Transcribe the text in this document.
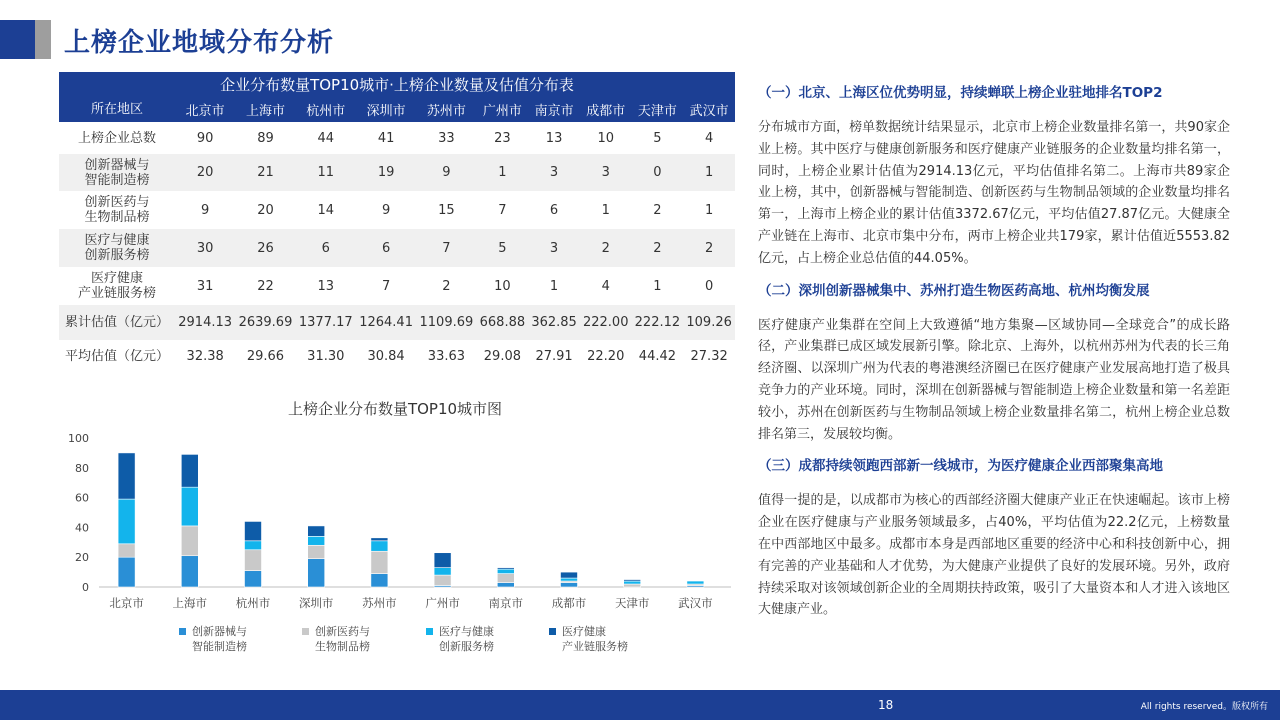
上榜企业地域分布分析
企业分布数量TOP10城市·上榜企业数量及估值分布表										
所在地区	北京市	上海市	杭州市	深圳市	苏州市	广州市	南京市	成都市	天津市	武汉市

上榜企业总数	90	89	44	41	33	23	13	10	5	4

创新器械与
智能制造榜	20	21	11	19	9	1	3	3	0	1

创新医药与
生物制品榜	9	20	14	9	15	7	6	1	2	1

医疗与健康
创新服务榜	30	26	6	6	7	5	3	2	2	2

医疗健康
产业链服务榜	31	22	13	7	2	10	1	4	1	0

累计估值（亿元）	2914.13	2639.69	1377.17	1264.41	1109.69	668.88	362.85	222.00	222.12	109.26

平均估值（亿元）	32.38	29.66	31.30	30.84	33.63	29.08	27.91	22.20	44.42	27.32
上榜企业分布数量TOP10城市图
0
20
40
60
80
100
北京市 上海市 杭州市 深圳市 苏州市 广州市 南京市 成都市 天津市 武汉市
创新器械与
智能制造榜
创新医药与
生物制品榜
医疗与健康
创新服务榜
医疗健康
产业链服务榜
（一）北京、上海区位优势明显，持续蝉联上榜企业驻地排名TOP2
分布城市方面，榜单数据统计结果显示，北京市上榜企业数量排名第一，共90家企业上榜。其中医疗与健康创新服务和医疗健康产业链服务的企业数量均排名第一，同时，上榜企业累计估值为2914.13亿元，平均估值排名第二。上海市共89家企业上榜，其中，创新器械与智能制造、创新医药与生物制品领域的企业数量均排名第一，上海市上榜企业的累计估值3372.67亿元，平均估值27.87亿元。大健康全产业链在上海市、北京市集中分布，两市上榜企业共179家，累计估值近5553.82亿元，占上榜企业总估值的44.05%。
（二）深圳创新器械集中、苏州打造生物医药高地、杭州均衡发展
医疗健康产业集群在空间上大致遵循“地方集聚—区域协同—全球竞合”的成长路径，产业集群已成区域发展新引擎。除北京、上海外，以杭州苏州为代表的长三角经济圈、以深圳广州为代表的粤港澳经济圈已在医疗健康产业发展高地打造了极具竞争力的产业环境。同时，深圳在创新器械与智能制造上榜企业数量和第一名差距较小，苏州在创新医药与生物制品领域上榜企业数量排名第二，杭州上榜企业总数排名第三，发展较均衡。
（三）成都持续领跑西部新一线城市，为医疗健康企业西部聚集高地
值得一提的是，以成都市为核心的西部经济圈大健康产业正在快速崛起。该市上榜企业在医疗健康与产业服务领域最多，占40%，平均估值为22.2亿元，上榜数量在中西部地区中最多。成都市本身是西部地区重要的经济中心和科技创新中心，拥有完善的产业基础和人才优势，为大健康产业提供了良好的发展环境。另外，政府持续采取对该领域创新企业的全周期扶持政策，吸引了大量资本和人才进入该地区大健康产业。
18	All rights reserved。版权所有
